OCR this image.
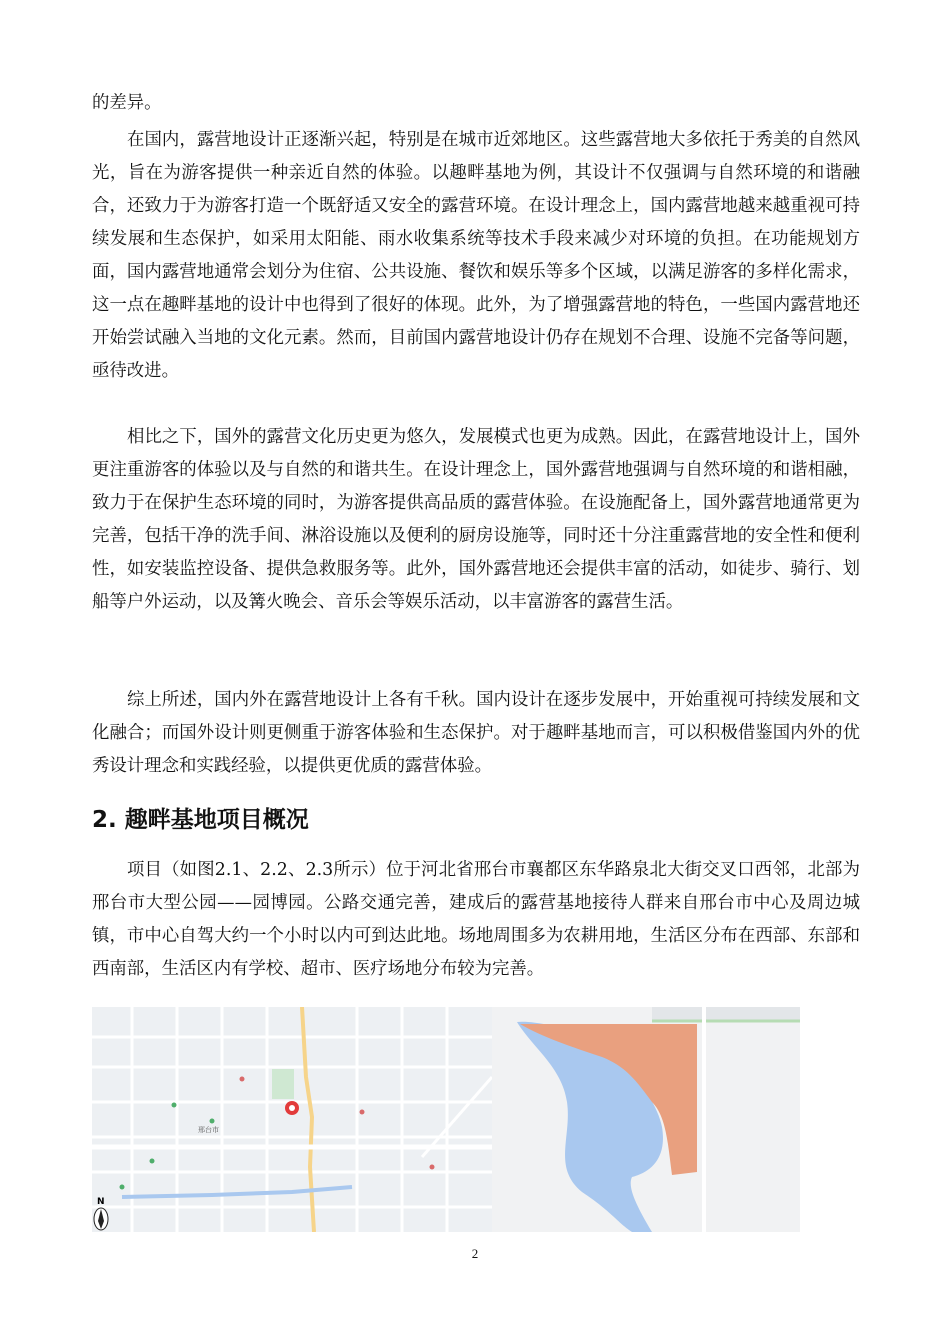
的差异。

在国内，露营地设计正逐渐兴起，特别是在城市近郊地区。这些露营地大多依托于秀美的自然风光，旨在为游客提供一种亲近自然的体验。以趣畔基地为例，其设计不仅强调与自然环境的和谐融合，还致力于为游客打造一个既舒适又安全的露营环境。在设计理念上，国内露营地越来越重视可持续发展和生态保护，如采用太阳能、雨水收集系统等技术手段来减少对环境的负担。在功能规划方面，国内露营地通常会划分为住宿、公共设施、餐饮和娱乐等多个区域，以满足游客的多样化需求，这一点在趣畔基地的设计中也得到了很好的体现。此外，为了增强露营地的特色，一些国内露营地还开始尝试融入当地的文化元素。然而，目前国内露营地设计仍存在规划不合理、设施不完备等问题，亟待改进。

相比之下，国外的露营文化历史更为悠久，发展模式也更为成熟。因此，在露营地设计上，国外更注重游客的体验以及与自然的和谐共生。在设计理念上，国外露营地强调与自然环境的和谐相融，致力于在保护生态环境的同时，为游客提供高品质的露营体验。在设施配备上，国外露营地通常更为完善，包括干净的洗手间、淋浴设施以及便利的厨房设施等，同时还十分注重露营地的安全性和便利性，如安装监控设备、提供急救服务等。此外，国外露营地还会提供丰富的活动，如徒步、骑行、划船等户外运动，以及篝火晚会、音乐会等娱乐活动，以丰富游客的露营生活。

综上所述，国内外在露营地设计上各有千秋。国内设计在逐步发展中，开始重视可持续发展和文化融合；而国外设计则更侧重于游客体验和生态保护。对于趣畔基地而言，可以积极借鉴国内外的优秀设计理念和实践经验，以提供更优质的露营体验。

2. 趣畔基地项目概况

项目（如图2.1、2.2、2.3所示）位于河北省邢台市襄都区东华路泉北大街交叉口西邻，北部为邢台市大型公园——园博园。公路交通完善，建成后的露营基地接待人群来自邢台市中心及周边城镇，市中心自驾大约一个小时以内可到达此地。场地周围多为农耕用地，生活区分布在西部、东部和西南部，生活区内有学校、超市、医疗场地分布较为完善。

邢台市
N
2
